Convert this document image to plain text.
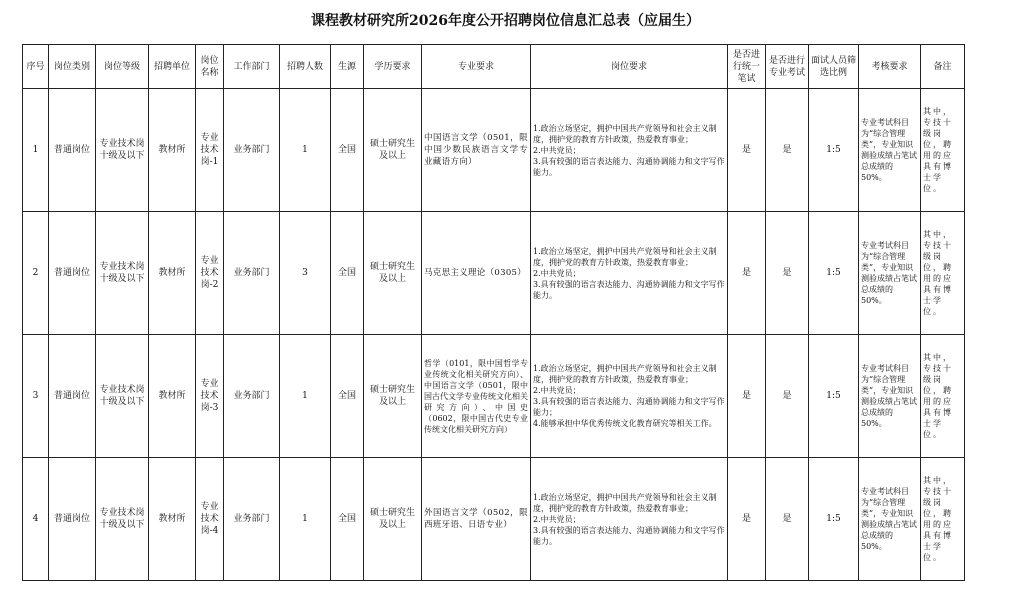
课程教材研究所2026年度公开招聘岗位信息汇总表（应届生）
序号	岗位类别	岗位等级	招聘单位	岗位名称	工作部门	招聘人数	生源	学历要求	专业要求	岗位要求	是否进行统一笔试	是否进行专业考试	面试人员筛选比例	考核要求	备注
1	普通岗位	专业技术岗十级及以下	教材所	专业技术岗-1	业务部门	1	全国	硕士研究生及以上	中国语言文学（0501，限中国少数民族语言文学专业藏语方向）	1.政治立场坚定，拥护中国共产党领导和社会主义制度，拥护党的教育方针政策，热爱教育事业；
2.中共党员；
3.具有较强的语言表达能力、沟通协调能力和文字写作能力。	是	是	1:5	专业考试科目为“综合管理类”，专业知识测验成绩占笔试总成绩的50%。	其中，专技十级岗位，聘用的应具有博士学位。
2	普通岗位	专业技术岗十级及以下	教材所	专业技术岗-2	业务部门	3	全国	硕士研究生及以上	马克思主义理论（0305）	1.政治立场坚定，拥护中国共产党领导和社会主义制度，拥护党的教育方针政策，热爱教育事业；
2.中共党员；
3.具有较强的语言表达能力、沟通协调能力和文字写作能力。	是	是	1:5	专业考试科目为“综合管理类”，专业知识测验成绩占笔试总成绩的50%。	其中，专技十级岗位，聘用的应具有博士学位。
3	普通岗位	专业技术岗十级及以下	教材所	专业技术岗-3	业务部门	1	全国	硕士研究生及以上	哲学（0101，限中国哲学专业传统文化相关研究方向）、中国语言文学（0501，限中国古代文学专业传统文化相关研究方向）、中国史（0602，限中国古代史专业传统文化相关研究方向）	1.政治立场坚定，拥护中国共产党领导和社会主义制度，拥护党的教育方针政策，热爱教育事业；
2.中共党员；
3.具有较强的语言表达能力、沟通协调能力和文字写作能力；
4.能够承担中华优秀传统文化教育研究等相关工作。	是	是	1:5	专业考试科目为“综合管理类”，专业知识测验成绩占笔试总成绩的50%。	其中，专技十级岗位，聘用的应具有博士学位。
4	普通岗位	专业技术岗十级及以下	教材所	专业技术岗-4	业务部门	1	全国	硕士研究生及以上	外国语言文学（0502，限西班牙语、日语专业）	1.政治立场坚定，拥护中国共产党领导和社会主义制度，拥护党的教育方针政策，热爱教育事业；
2.中共党员；
3.具有较强的语言表达能力、沟通协调能力和文字写作能力。	是	是	1:5	专业考试科目为“综合管理类”，专业知识测验成绩占笔试总成绩的50%。	其中，专技十级岗位，聘用的应具有博士学位。
